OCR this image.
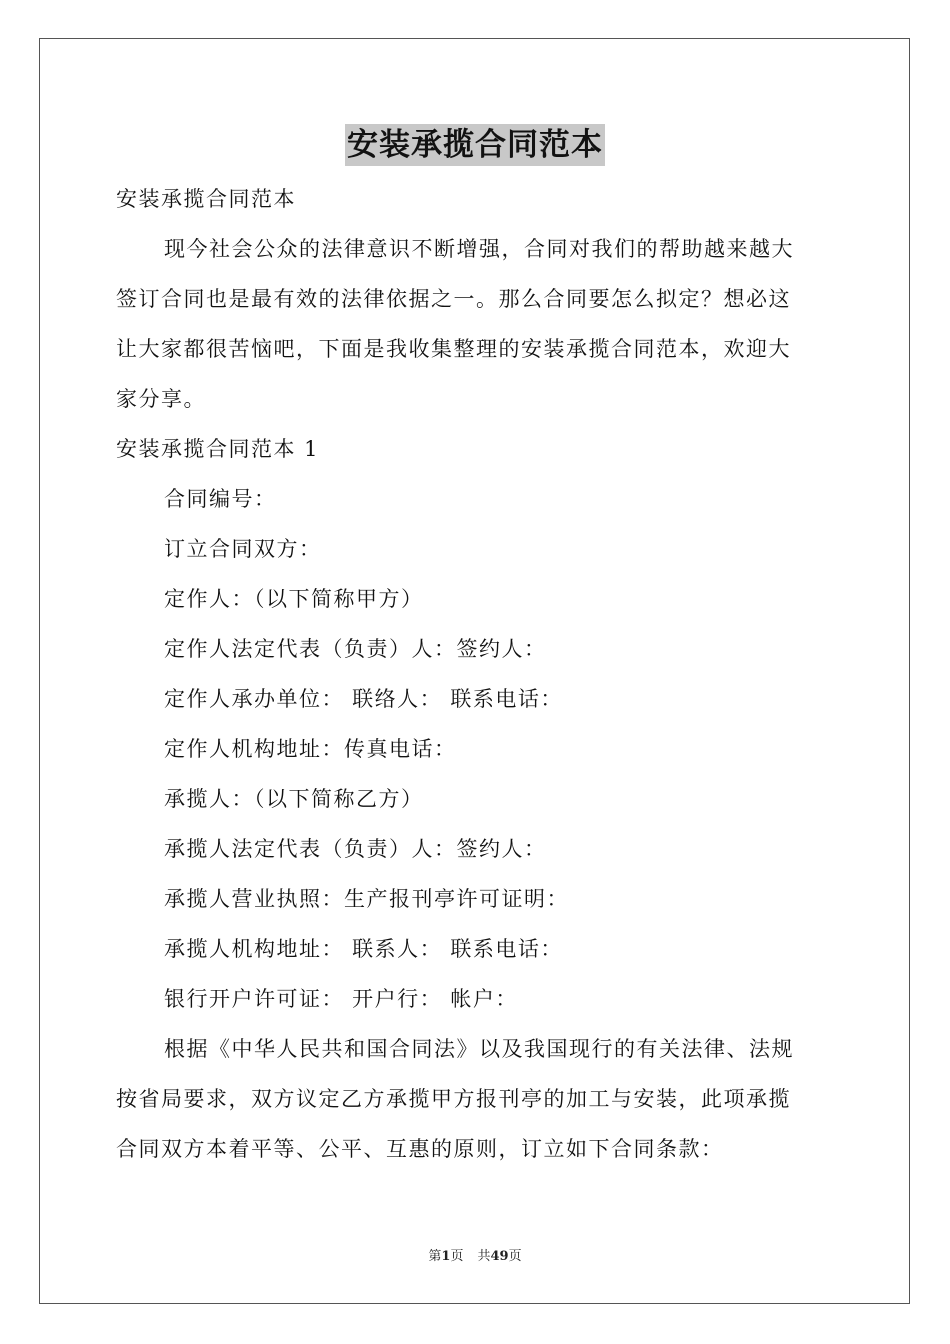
安装承揽合同范本
安装承揽合同范本
现今社会公众的法律意识不断增强，合同对我们的帮助越来越大
签订合同也是最有效的法律依据之一。那么合同要怎么拟定？想必这
让大家都很苦恼吧，下面是我收集整理的安装承揽合同范本，欢迎大
家分享。
安装承揽合同范本 1
合同编号：
订立合同双方：
定作人：（以下简称甲方）
定作人法定代表（负责）人：签约人：
定作人承办单位： 联络人： 联系电话：
定作人机构地址：传真电话：
承揽人：（以下简称乙方）
承揽人法定代表（负责）人：签约人：
承揽人营业执照：生产报刊亭许可证明：
承揽人机构地址： 联系人： 联系电话：
银行开户许可证： 开户行： 帐户：
根据《中华人民共和国合同法》以及我国现行的有关法律、法规
按省局要求，双方议定乙方承揽甲方报刊亭的加工与安装，此项承揽
合同双方本着平等、公平、互惠的原则，订立如下合同条款：
第1页 共49页
